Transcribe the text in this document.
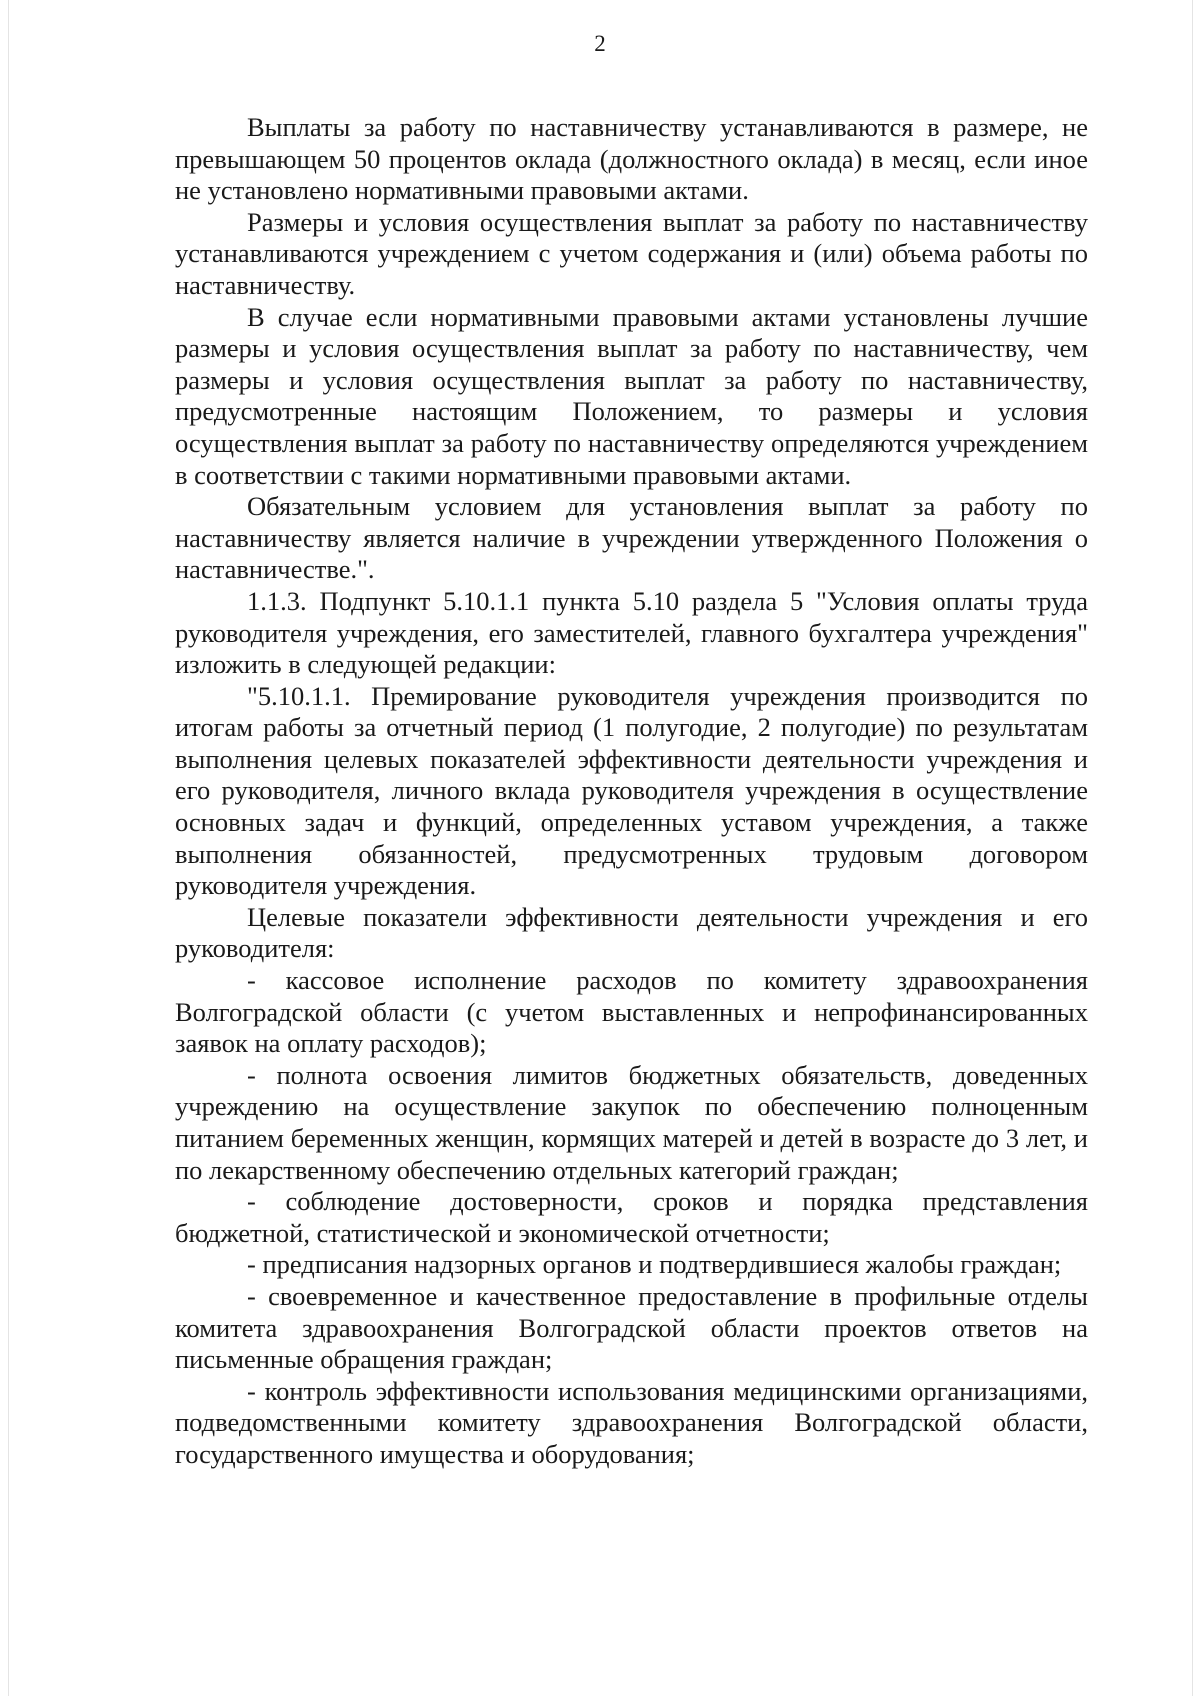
2

Выплаты за работу по наставничеству устанавливаются в размере, не превышающем 50 процентов оклада (должностного оклада) в месяц, если иное не установлено нормативными правовыми актами.

Размеры и условия осуществления выплат за работу по наставничеству устанавливаются учреждением с учетом содержания и (или) объема работы по наставничеству.

В случае если нормативными правовыми актами установлены лучшие размеры и условия осуществления выплат за работу по наставничеству, чем размеры и условия осуществления выплат за работу по наставничеству, предусмотренные настоящим Положением, то размеры и условия осуществления выплат за работу по наставничеству определяются учреждением в соответствии с такими нормативными правовыми актами.

Обязательным условием для установления выплат за работу по наставничеству является наличие в учреждении утвержденного Положения о наставничестве.".

1.1.3. Подпункт 5.10.1.1 пункта 5.10 раздела 5 "Условия оплаты труда руководителя учреждения, его заместителей, главного бухгалтера учреждения" изложить в следующей редакции:

"5.10.1.1. Премирование руководителя учреждения производится по итогам работы за отчетный период (1 полугодие, 2 полугодие) по результатам выполнения целевых показателей эффективности деятельности учреждения и его руководителя, личного вклада руководителя учреждения в осуществление основных задач и функций, определенных уставом учреждения, а также выполнения обязанностей, предусмотренных трудовым договором руководителя учреждения.

Целевые показатели эффективности деятельности учреждения и его руководителя:

- кассовое исполнение расходов по комитету здравоохранения Волгоградской области (с учетом выставленных и непрофинансированных заявок на оплату расходов);

- полнота освоения лимитов бюджетных обязательств, доведенных учреждению на осуществление закупок по обеспечению полноценным питанием беременных женщин, кормящих матерей и детей в возрасте до 3 лет, и по лекарственному обеспечению отдельных категорий граждан;

- соблюдение достоверности, сроков и порядка представления бюджетной, статистической и экономической отчетности;

- предписания надзорных органов и подтвердившиеся жалобы граждан;

- своевременное и качественное предоставление в профильные отделы комитета здравоохранения Волгоградской области проектов ответов на письменные обращения граждан;

- контроль эффективности использования медицинскими организациями, подведомственными комитету здравоохранения Волгоградской области, государственного имущества и оборудования;
